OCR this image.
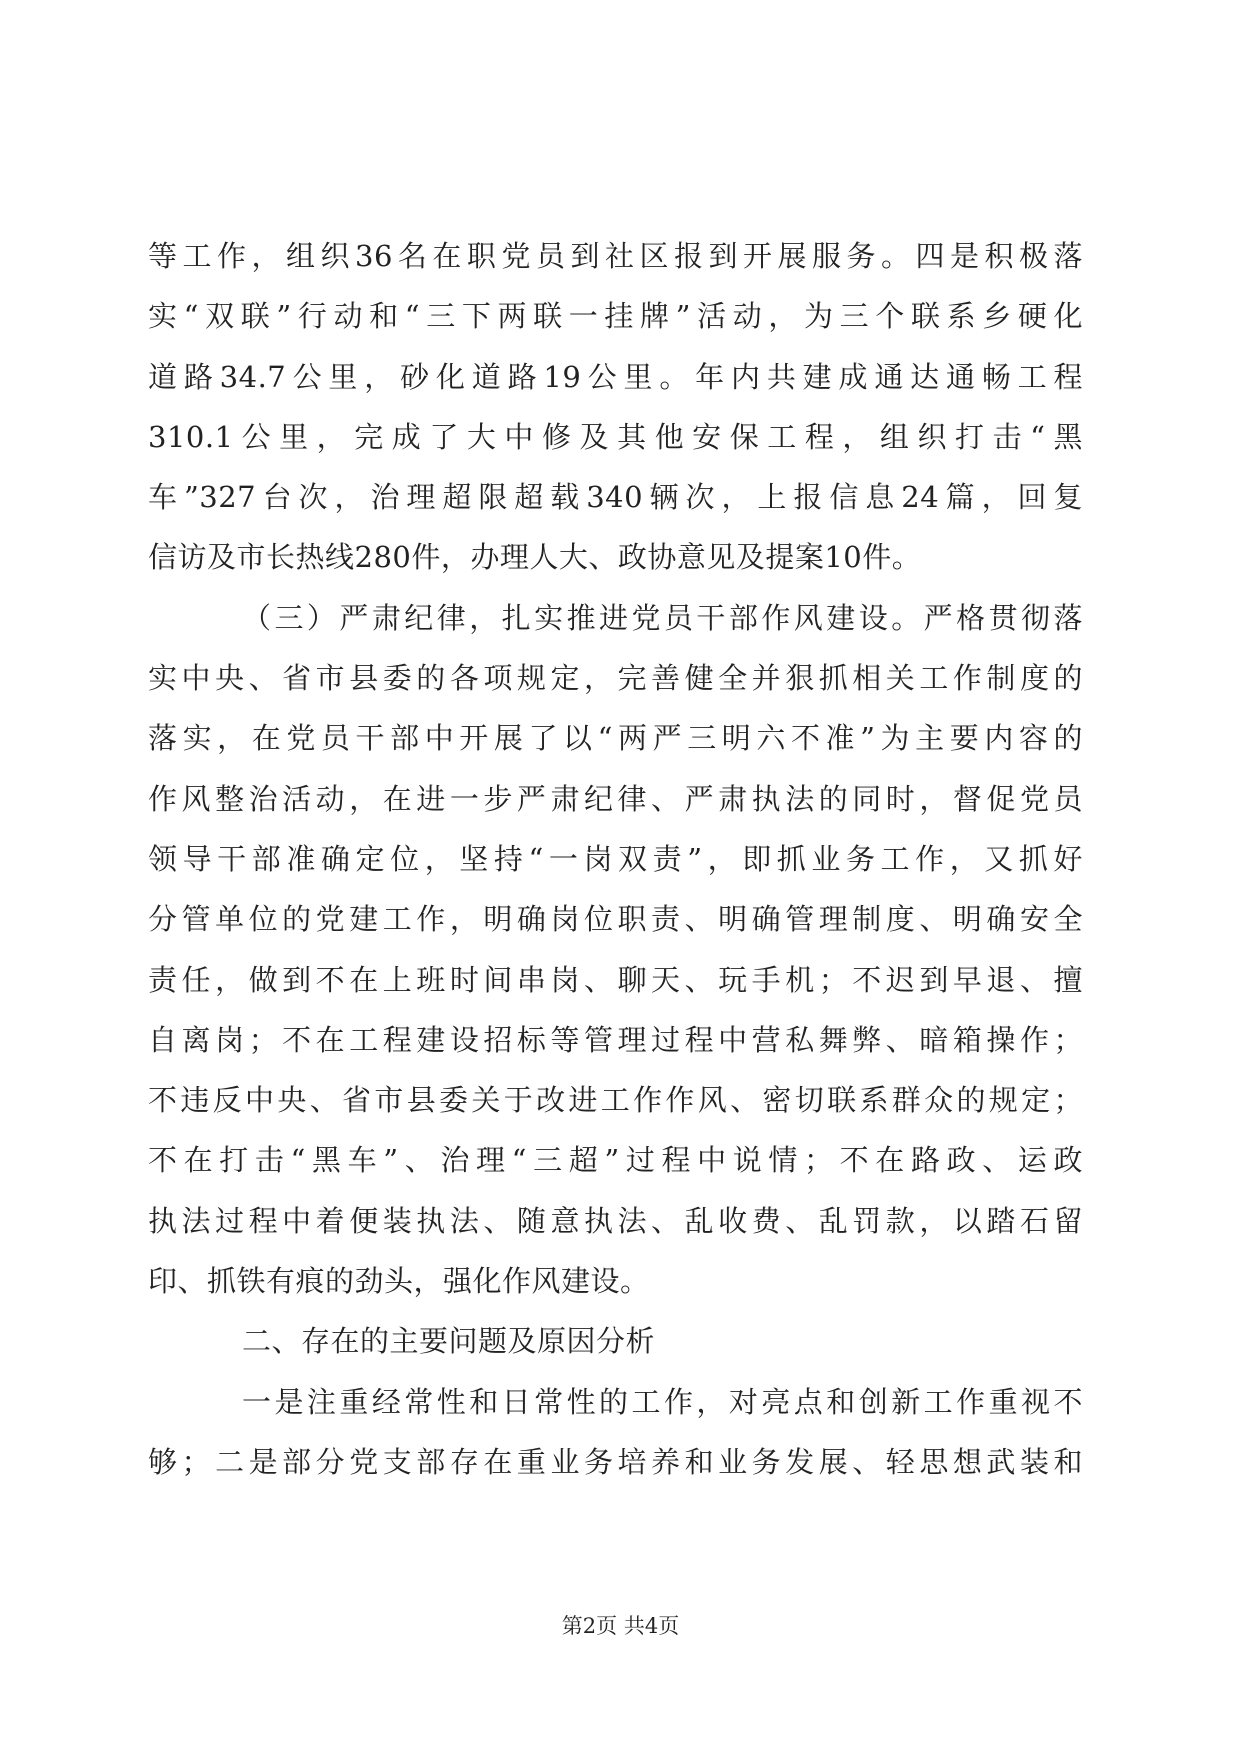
等工作，组织36名在职党员到社区报到开展服务。四是积极落
实“双联”行动和“三下两联一挂牌”活动，为三个联系乡硬化
道路34.7公里，砂化道路19公里。年内共建成通达通畅工程
310.1公里，完成了大中修及其他安保工程，组织打击“黑
车”327台次，治理超限超载340辆次，上报信息24篇，回复
信访及市长热线280件，办理人大、政协意见及提案10件。
（三）严肃纪律，扎实推进党员干部作风建设。严格贯彻落
实中央、省市县委的各项规定，完善健全并狠抓相关工作制度的
落实，在党员干部中开展了以“两严三明六不准”为主要内容的
作风整治活动，在进一步严肃纪律、严肃执法的同时，督促党员
领导干部准确定位，坚持“一岗双责”，即抓业务工作，又抓好
分管单位的党建工作，明确岗位职责、明确管理制度、明确安全
责任，做到不在上班时间串岗、聊天、玩手机；不迟到早退、擅
自离岗；不在工程建设招标等管理过程中营私舞弊、暗箱操作；
不违反中央、省市县委关于改进工作作风、密切联系群众的规定；
不在打击“黑车”、治理“三超”过程中说情；不在路政、运政
执法过程中着便装执法、随意执法、乱收费、乱罚款，以踏石留
印、抓铁有痕的劲头，强化作风建设。
二、存在的主要问题及原因分析
一是注重经常性和日常性的工作，对亮点和创新工作重视不
够；二是部分党支部存在重业务培养和业务发展、轻思想武装和
第2页 共4页
